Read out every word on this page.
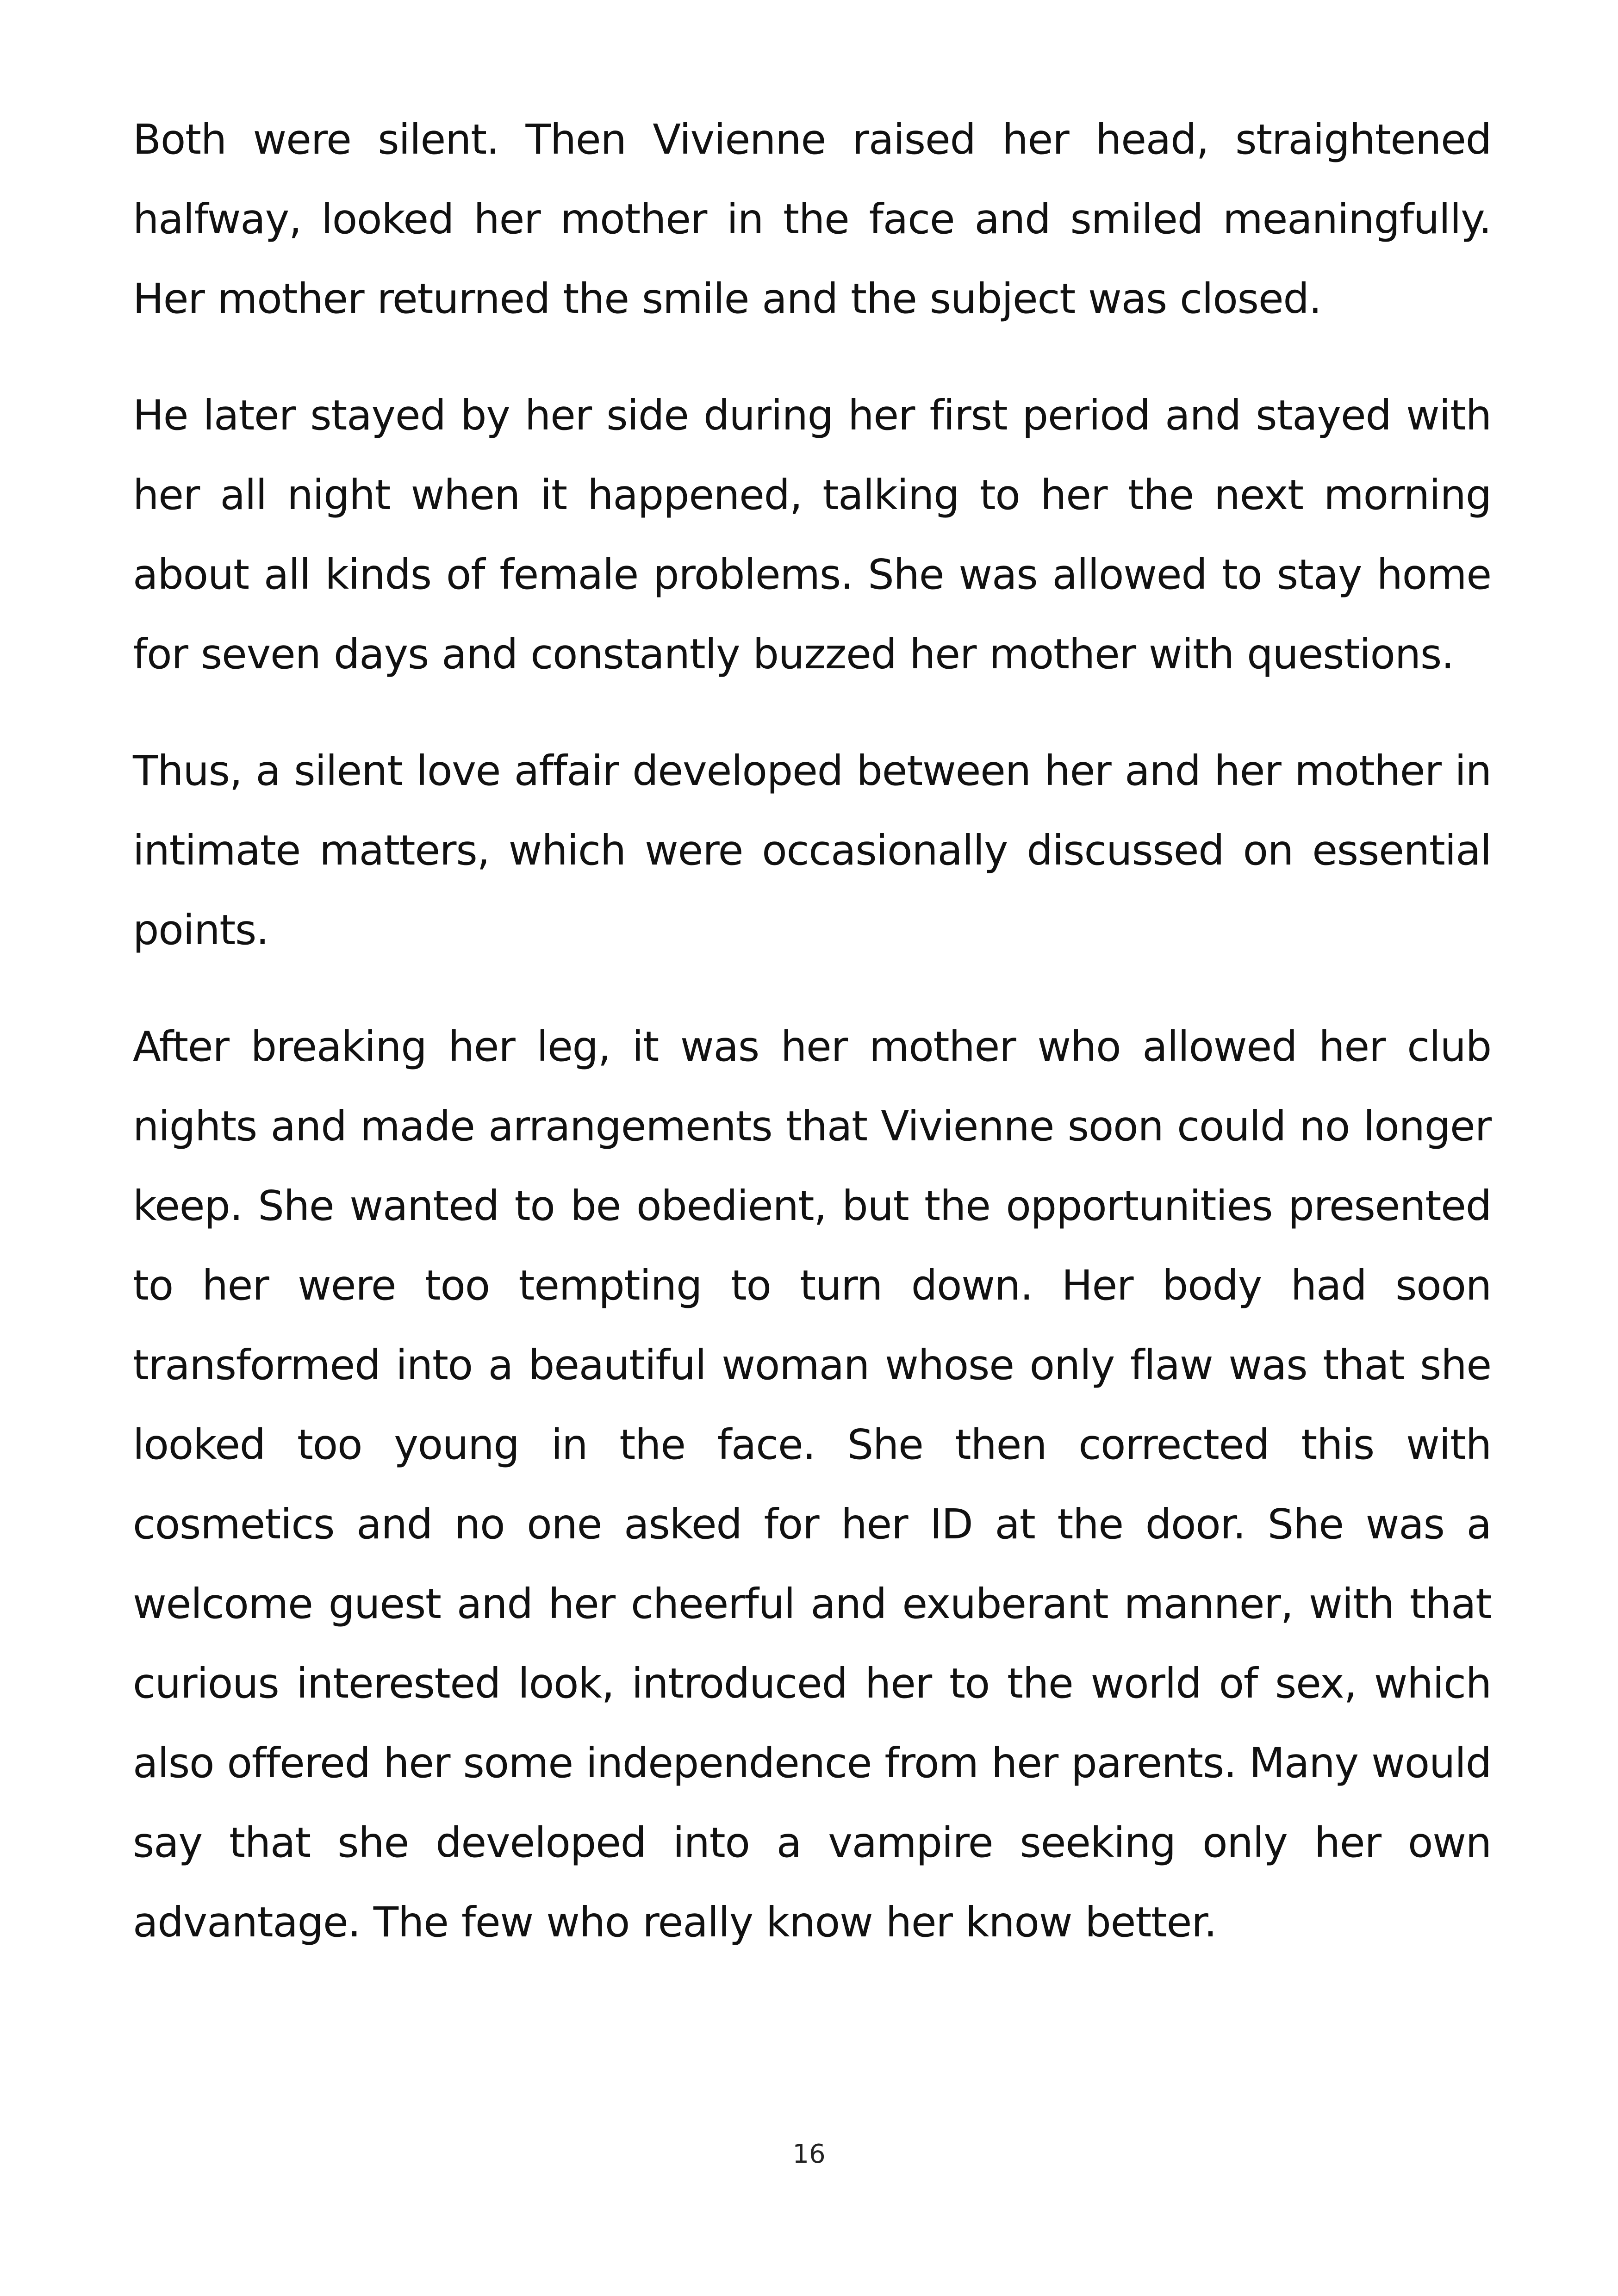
Both were silent. Then Vivienne raised her head, straightened halfway, looked her mother in the face and smiled meaningfully. Her mother returned the smile and the subject was closed.

He later stayed by her side during her first period and stayed with her all night when it happened, talking to her the next morning about all kinds of female problems. She was allowed to stay home for seven days and constantly buzzed her mother with questions.

Thus, a silent love affair developed between her and her mother in intimate matters, which were occasionally discussed on essential points.

After breaking her leg, it was her mother who allowed her club nights and made arrangements that Vivienne soon could no longer keep. She wanted to be obedient, but the opportunities presented to her were too tempting to turn down. Her body had soon transformed into a beautiful woman whose only flaw was that she looked too young in the face. She then corrected this with cosmetics and no one asked for her ID at the door. She was a welcome guest and her cheerful and exuberant manner, with that curious interested look, introduced her to the world of sex, which also offered her some independence from her parents. Many would say that she developed into a vampire seeking only her own advantage. The few who really know her know better.

16
